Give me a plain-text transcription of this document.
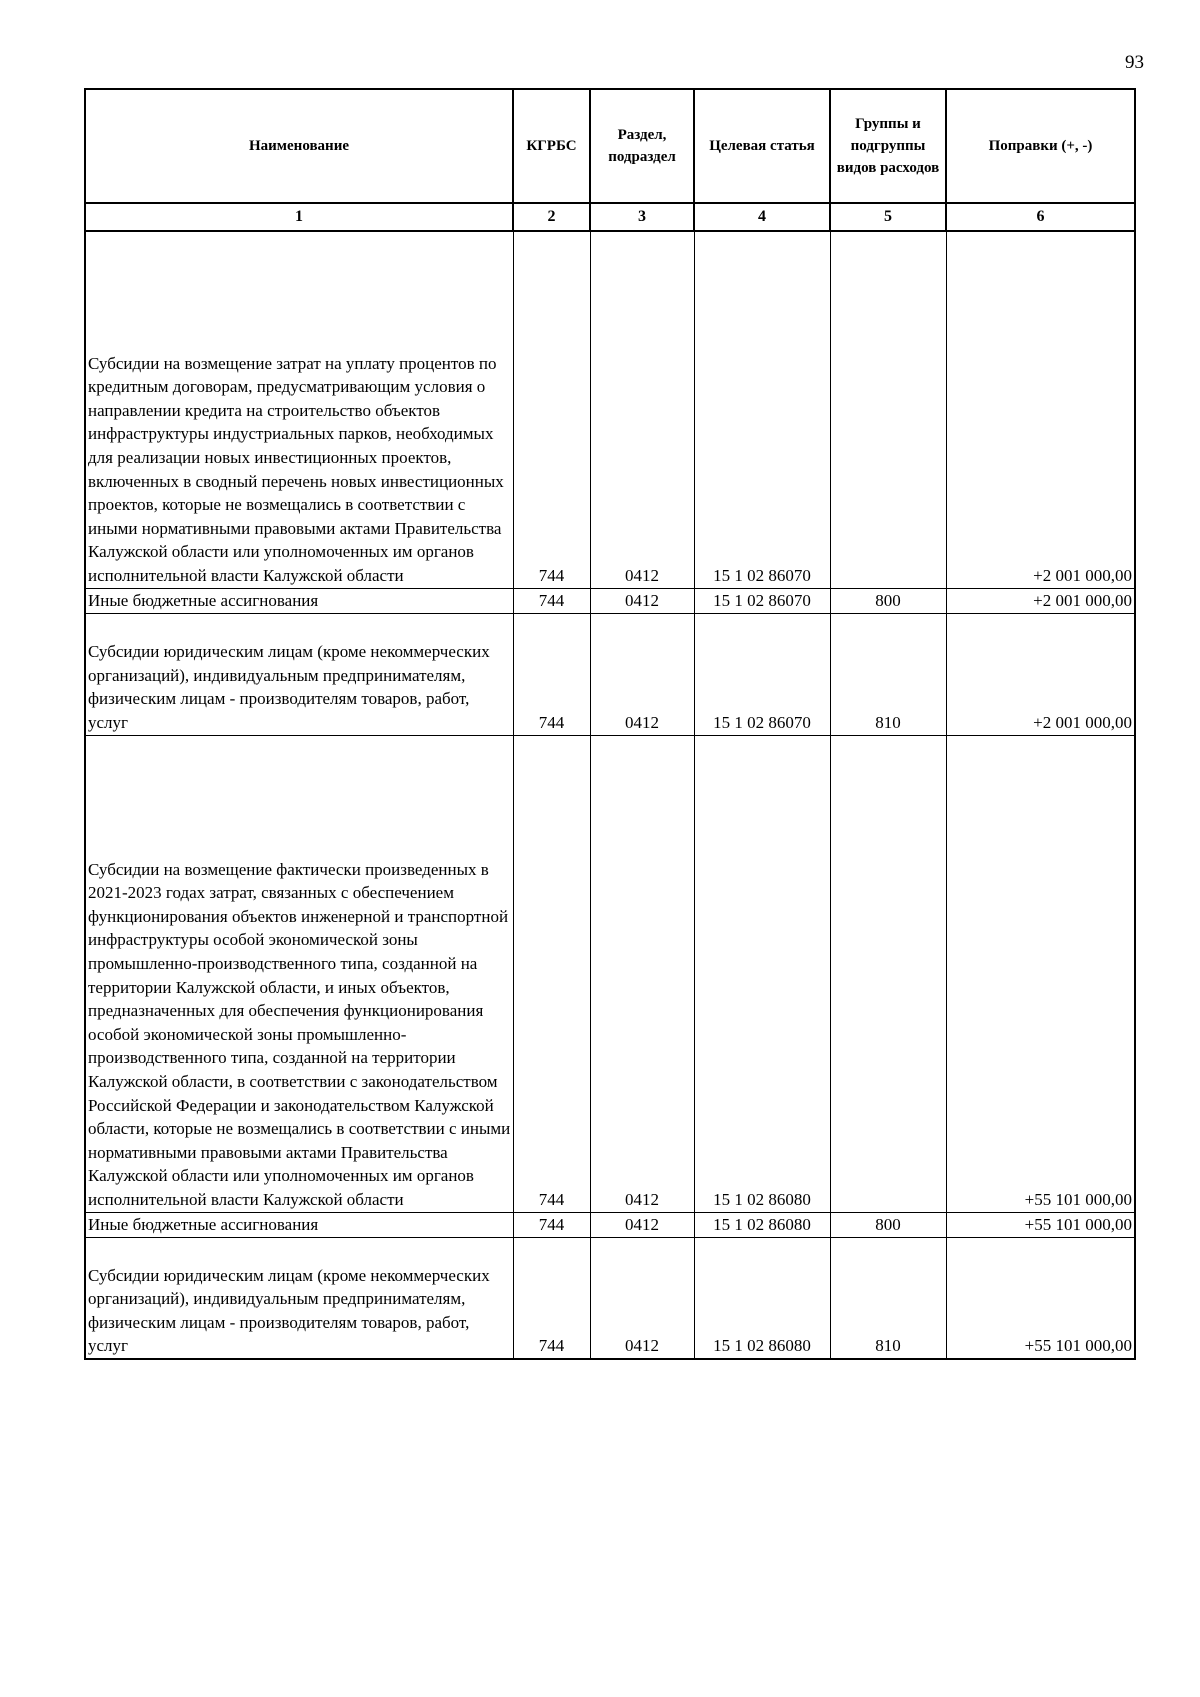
93
Наименование	КГРБС	Раздел, подраздел	Целевая статья	Группы и подгруппы видов расходов	Поправки (+, -)
1	2	3	4	5	6
Субсидии на возмещение затрат на уплату процентов по кредитным договорам, предусматривающим условия о направлении кредита на строительство объектов инфраструктуры индустриальных парков, необходимых для реализации новых инвестиционных проектов, включенных в сводный перечень новых инвестиционных проектов, которые не возмещались в соответствии с иными нормативными правовыми актами Правительства Калужской области или уполномоченных им органов исполнительной власти Калужской области	744	0412	15 1 02 86070		+2 001 000,00
Иные бюджетные ассигнования	744	0412	15 1 02 86070	800	+2 001 000,00
Субсидии юридическим лицам (кроме некоммерческих организаций), индивидуальным предпринимателям, физическим лицам - производителям товаров, работ, услуг	744	0412	15 1 02 86070	810	+2 001 000,00
Субсидии на возмещение фактически произведенных в 2021-2023 годах затрат, связанных с обеспечением функционирования объектов инженерной и транспортной инфраструктуры особой экономической зоны промышленно-производственного типа, созданной на территории Калужской области, и иных объектов, предназначенных для обеспечения функционирования особой экономической зоны промышленно-производственного типа, созданной на территории Калужской области, в соответствии с законодательством Российской Федерации и законодательством Калужской области, которые не возмещались в соответствии с иными нормативными правовыми актами Правительства Калужской области или уполномоченных им органов исполнительной власти Калужской области	744	0412	15 1 02 86080		+55 101 000,00
Иные бюджетные ассигнования	744	0412	15 1 02 86080	800	+55 101 000,00
Субсидии юридическим лицам (кроме некоммерческих организаций), индивидуальным предпринимателям, физическим лицам - производителям товаров, работ, услуг	744	0412	15 1 02 86080	810	+55 101 000,00
